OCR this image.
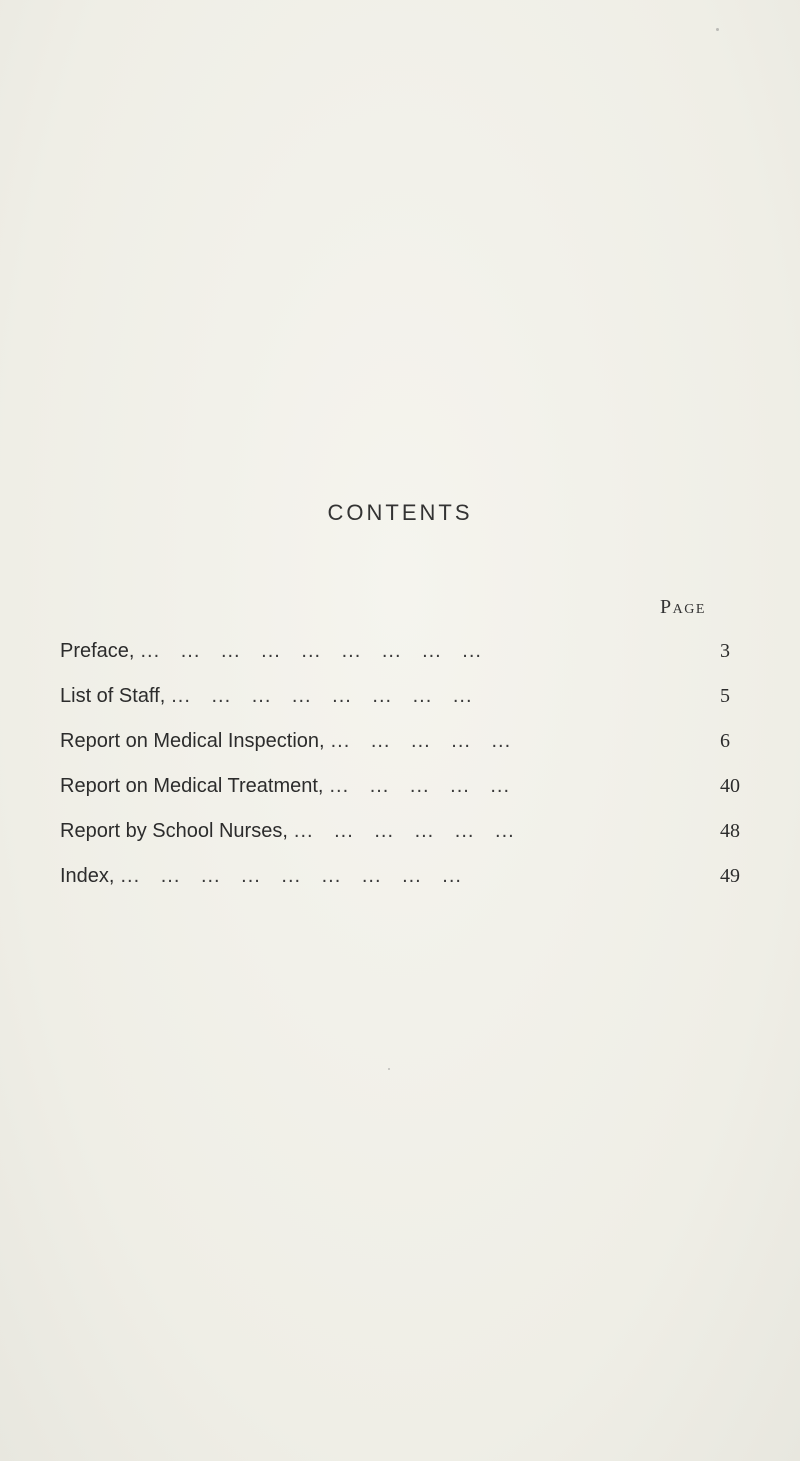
CONTENTS
Page
Preface, ... ... ... ... ... ... ... ... ...	3
List of Staff, ... ... ... ... ... ... ... ...	5
Report on Medical Inspection, ... ... ... ... ...	6
Report on Medical Treatment, ... ... ... ... ...	40
Report by School Nurses, ... ... ... ... ... ...	48
Index, ... ... ... ... ... ... ... ... ...	49
